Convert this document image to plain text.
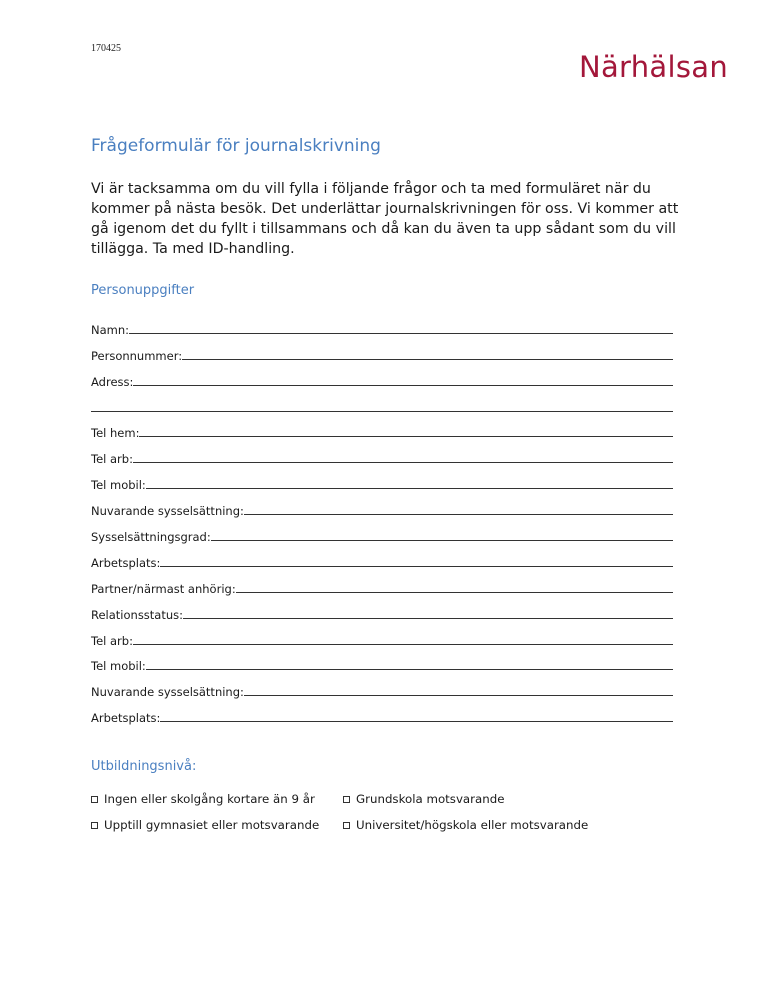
170425
Närhälsan
Frågeformulär för journalskrivning

Vi är tacksamma om du vill fylla i följande frågor och ta med formuläret när du kommer på nästa besök. Det underlättar journalskrivningen för oss. Vi kommer att gå igenom det du fyllt i tillsammans och då kan du även ta upp sådant som du vill tillägga. Ta med ID-handling.

Personuppgifter
Namn:
Personnummer:
Adress:
Tel hem:
Tel arb:
Tel mobil:
Nuvarande sysselsättning:
Sysselsättningsgrad:
Arbetsplats:
Partner/närmast anhörig:
Relationsstatus:
Tel arb:
Tel mobil:
Nuvarande sysselsättning:
Arbetsplats:
Utbildningsnivå:
Ingen eller skolgång kortare än 9 år	Grundskola motsvarande
Upptill gymnasiet eller motsvarande	Universitet/högskola eller motsvarande
